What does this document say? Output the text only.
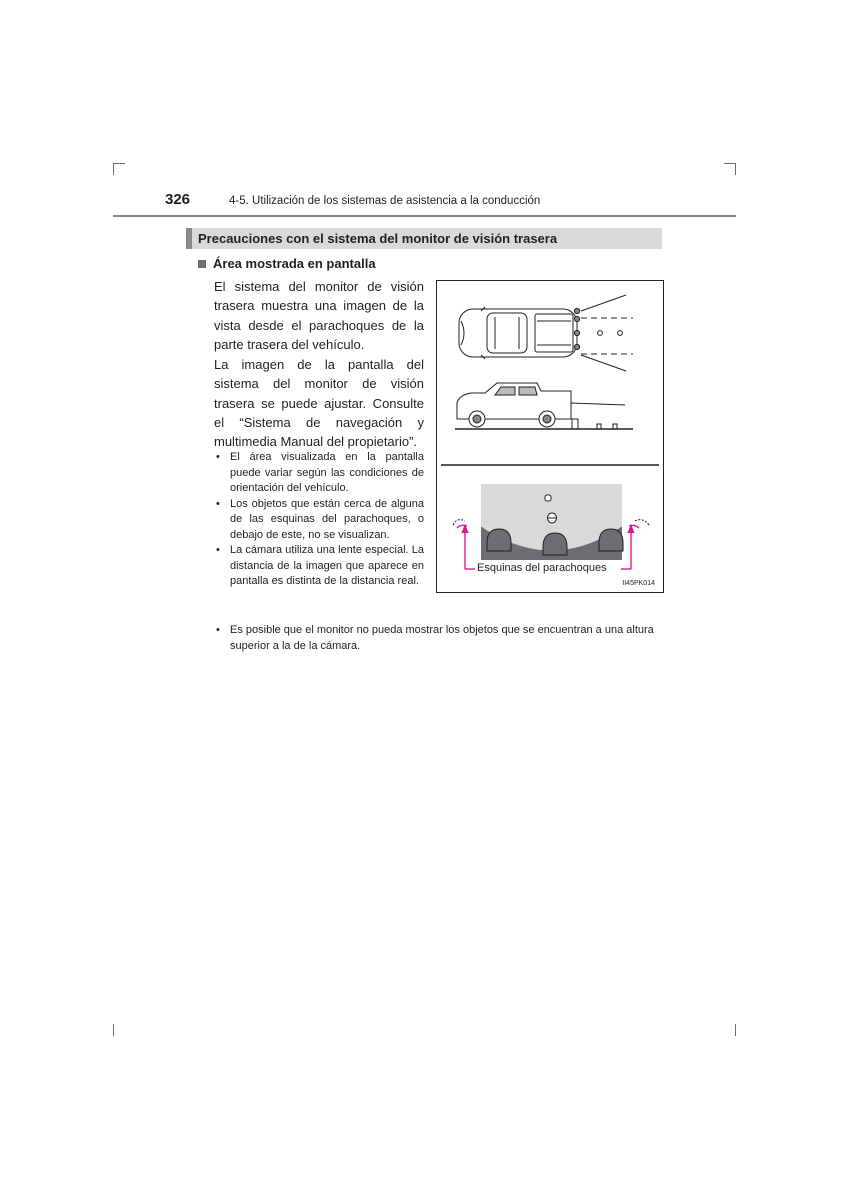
326	4-5. Utilización de los sistemas de asistencia a la conducción
Precauciones con el sistema del monitor de visión trasera
Área mostrada en pantalla
El sistema del monitor de visión trasera muestra una imagen de la vista desde el parachoques de la parte trasera del vehículo.
La imagen de la pantalla del sistema del monitor de visión trasera se puede ajustar. Consulte el “Sistema de navegación y multimedia Manual del propietario”.
• El área visualizada en la pantalla puede variar según las condiciones de orientación del vehículo.
• Los objetos que están cerca de alguna de las esquinas del parachoques, o debajo de este, no se visualizan.
• La cámara utiliza una lente especial. La distancia de la imagen que aparece en pantalla es distinta de la distancia real.
• Es posible que el monitor no pueda mostrar los objetos que se encuentran a una altura superior a la de la cámara.
Esquinas del parachoques
II45PK014
